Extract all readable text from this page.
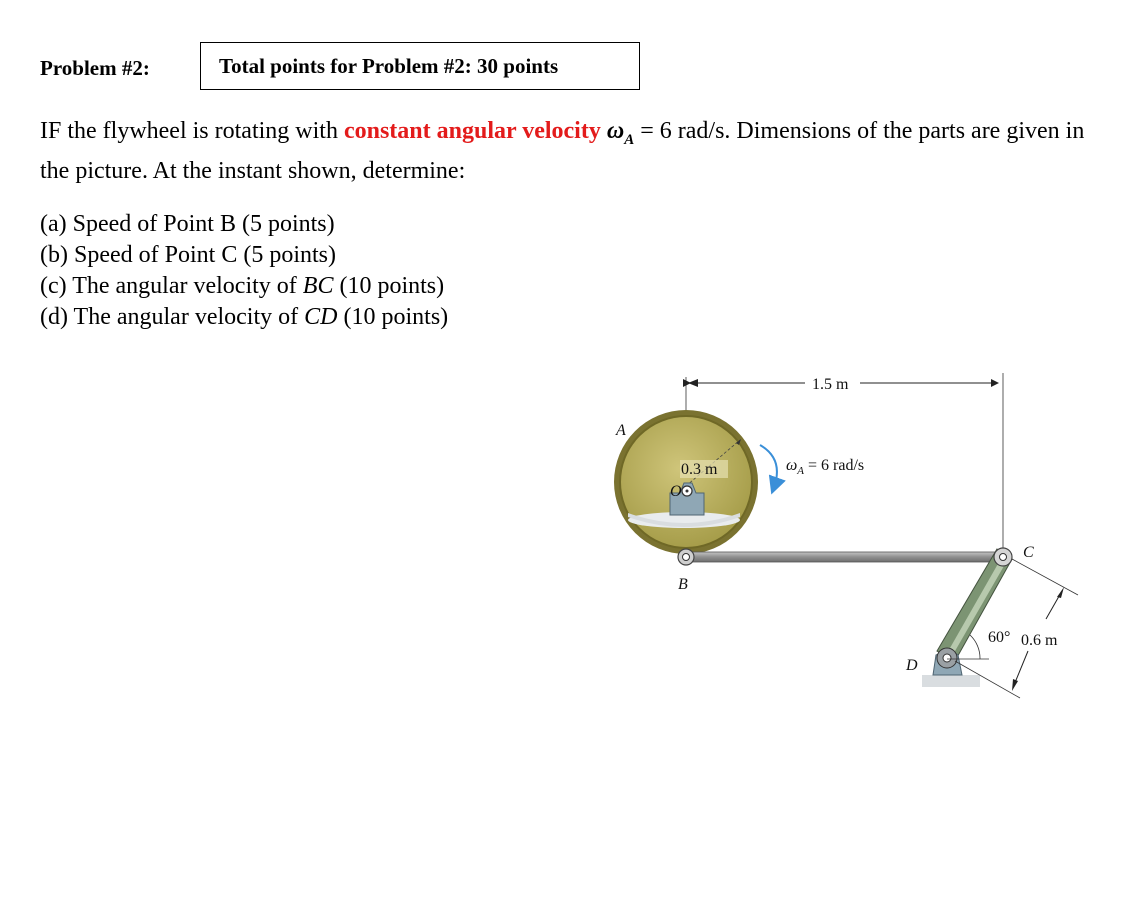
Problem #2:	Total points for Problem #2: 30 points
IF the flywheel is rotating with constant angular velocity $\omega_A = 6$ rad/s. Dimensions of the parts are given in the picture. At the instant shown, determine:
(a) Speed of Point B (5 points)
(b) Speed of Point C (5 points)
(c) The angular velocity of BC (10 points)
(d) The angular velocity of CD (10 points)
1.5 m
A
O
0.3 m	$\omega_A = 6$ rad/s
B
C
D
60° 0.6 m
